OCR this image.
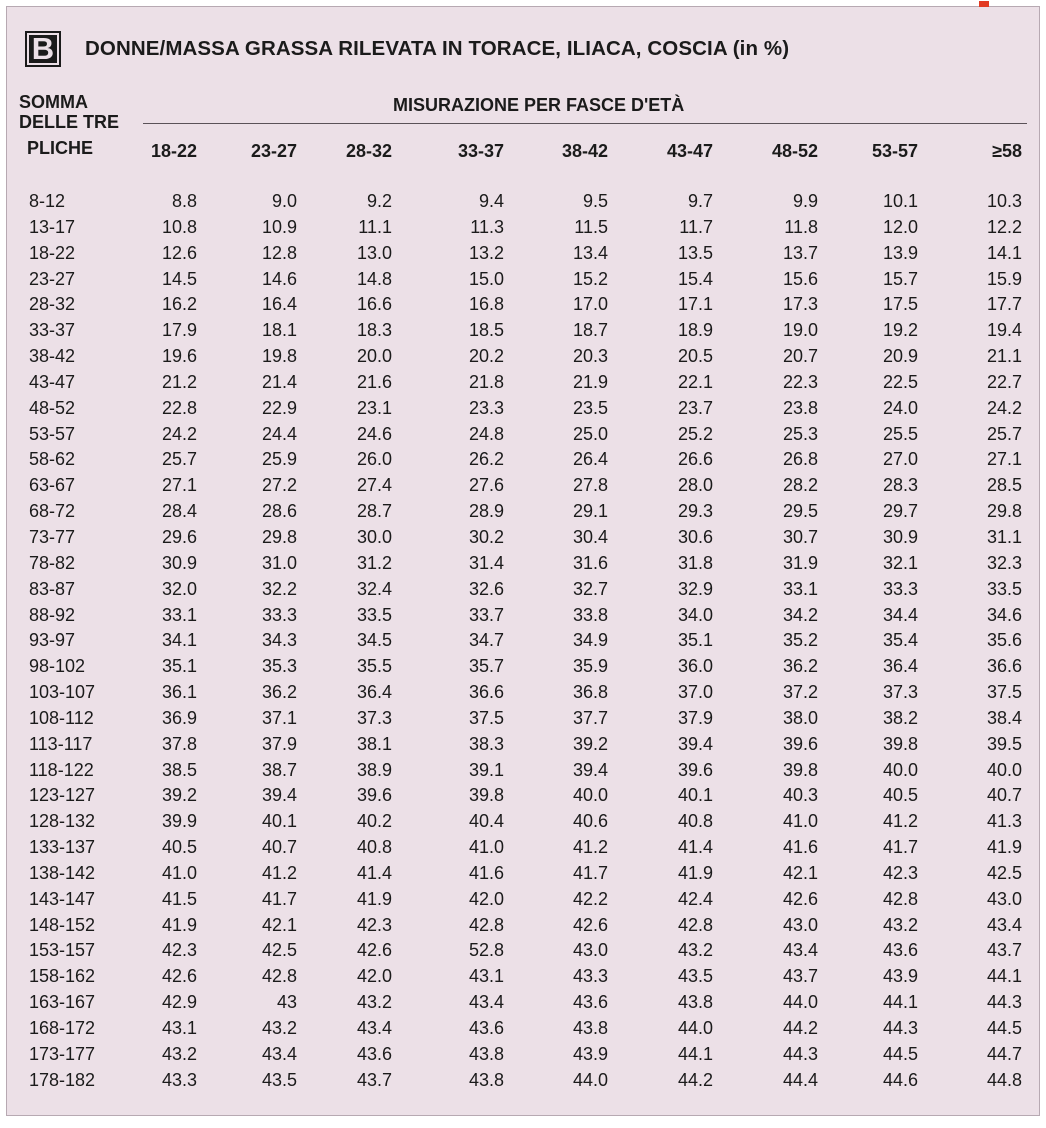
B DONNE/MASSA GRASSA RILEVATA IN TORACE, ILIACA, COSCIA (in %)
SOMMA
DELLE TRE
PLICHE
MISURAZIONE PER FASCE D'ETÀ
18-22	23-27	28-32	33-37	38-42	43-47	48-52	53-57	≥58
8-12	8.8	9.0	9.2	9.4	9.5	9.7	9.9	10.1	10.3
13-17	10.8	10.9	11.1	11.3	11.5	11.7	11.8	12.0	12.2
18-22	12.6	12.8	13.0	13.2	13.4	13.5	13.7	13.9	14.1
23-27	14.5	14.6	14.8	15.0	15.2	15.4	15.6	15.7	15.9
28-32	16.2	16.4	16.6	16.8	17.0	17.1	17.3	17.5	17.7
33-37	17.9	18.1	18.3	18.5	18.7	18.9	19.0	19.2	19.4
38-42	19.6	19.8	20.0	20.2	20.3	20.5	20.7	20.9	21.1
43-47	21.2	21.4	21.6	21.8	21.9	22.1	22.3	22.5	22.7
48-52	22.8	22.9	23.1	23.3	23.5	23.7	23.8	24.0	24.2
53-57	24.2	24.4	24.6	24.8	25.0	25.2	25.3	25.5	25.7
58-62	25.7	25.9	26.0	26.2	26.4	26.6	26.8	27.0	27.1
63-67	27.1	27.2	27.4	27.6	27.8	28.0	28.2	28.3	28.5
68-72	28.4	28.6	28.7	28.9	29.1	29.3	29.5	29.7	29.8
73-77	29.6	29.8	30.0	30.2	30.4	30.6	30.7	30.9	31.1
78-82	30.9	31.0	31.2	31.4	31.6	31.8	31.9	32.1	32.3
83-87	32.0	32.2	32.4	32.6	32.7	32.9	33.1	33.3	33.5
88-92	33.1	33.3	33.5	33.7	33.8	34.0	34.2	34.4	34.6
93-97	34.1	34.3	34.5	34.7	34.9	35.1	35.2	35.4	35.6
98-102	35.1	35.3	35.5	35.7	35.9	36.0	36.2	36.4	36.6
103-107	36.1	36.2	36.4	36.6	36.8	37.0	37.2	37.3	37.5
108-112	36.9	37.1	37.3	37.5	37.7	37.9	38.0	38.2	38.4
113-117	37.8	37.9	38.1	38.3	39.2	39.4	39.6	39.8	39.5
118-122	38.5	38.7	38.9	39.1	39.4	39.6	39.8	40.0	40.0
123-127	39.2	39.4	39.6	39.8	40.0	40.1	40.3	40.5	40.7
128-132	39.9	40.1	40.2	40.4	40.6	40.8	41.0	41.2	41.3
133-137	40.5	40.7	40.8	41.0	41.2	41.4	41.6	41.7	41.9
138-142	41.0	41.2	41.4	41.6	41.7	41.9	42.1	42.3	42.5
143-147	41.5	41.7	41.9	42.0	42.2	42.4	42.6	42.8	43.0
148-152	41.9	42.1	42.3	42.8	42.6	42.8	43.0	43.2	43.4
153-157	42.3	42.5	42.6	52.8	43.0	43.2	43.4	43.6	43.7
158-162	42.6	42.8	42.0	43.1	43.3	43.5	43.7	43.9	44.1
163-167	42.9	43	43.2	43.4	43.6	43.8	44.0	44.1	44.3
168-172	43.1	43.2	43.4	43.6	43.8	44.0	44.2	44.3	44.5
173-177	43.2	43.4	43.6	43.8	43.9	44.1	44.3	44.5	44.7
178-182	43.3	43.5	43.7	43.8	44.0	44.2	44.4	44.6	44.8
